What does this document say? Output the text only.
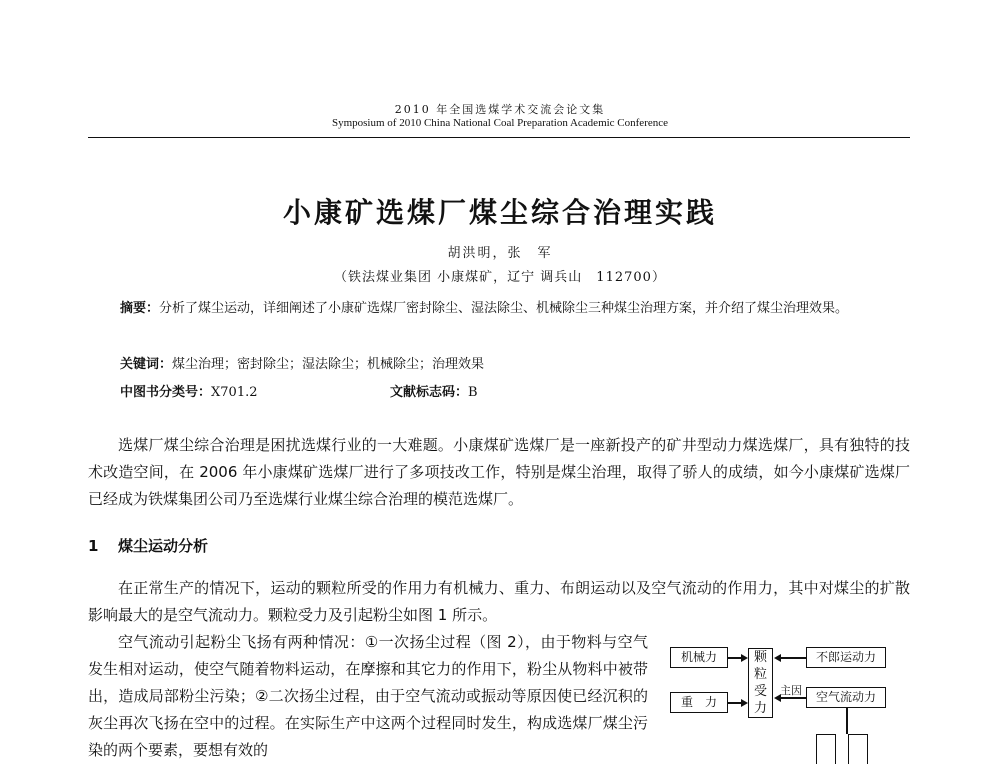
2010 年全国选煤学术交流会论文集
Symposium of 2010 China National Coal Preparation Academic Conference
小康矿选煤厂煤尘综合治理实践
胡洪明，张　军
（铁法煤业集团 小康煤矿，辽宁 调兵山　112700）
摘要：分析了煤尘运动，详细阐述了小康矿选煤厂密封除尘、湿法除尘、机械除尘三种煤尘治理方案，并介绍了煤尘治理效果。
关键词：煤尘治理；密封除尘；湿法除尘；机械除尘；治理效果
中图书分类号：X701.2	文献标志码：B
选煤厂煤尘综合治理是困扰选煤行业的一大难题。小康煤矿选煤厂是一座新投产的矿井型动力煤选煤厂，具有独特的技术改造空间，在 2006 年小康煤矿选煤厂进行了多项技改工作，特别是煤尘治理，取得了骄人的成绩，如今小康煤矿选煤厂已经成为铁煤集团公司乃至选煤行业煤尘综合治理的模范选煤厂。
1 煤尘运动分析
在正常生产的情况下，运动的颗粒所受的作用力有机械力、重力、布朗运动以及空气流动的作用力，其中对煤尘的扩散影响最大的是空气流动力。颗粒受力及引起粉尘如图 1 所示。
空气流动引起粉尘飞扬有两种情况：①一次扬尘过程（图 2），由于物料与空气发生相对运动，使空气随着物料运动，在摩擦和其它力的作用下，粉尘从物料中被带出，造成局部粉尘污染；②二次扬尘过程，由于空气流动或振动等原因使已经沉积的灰尘再次飞扬在空中的过程。在实际生产中这两个过程同时发生，构成选煤厂煤尘污染的两个要素，要想有效的
机械力
重　力
颗粒受力
不郎运动力
空气流动力
主因
